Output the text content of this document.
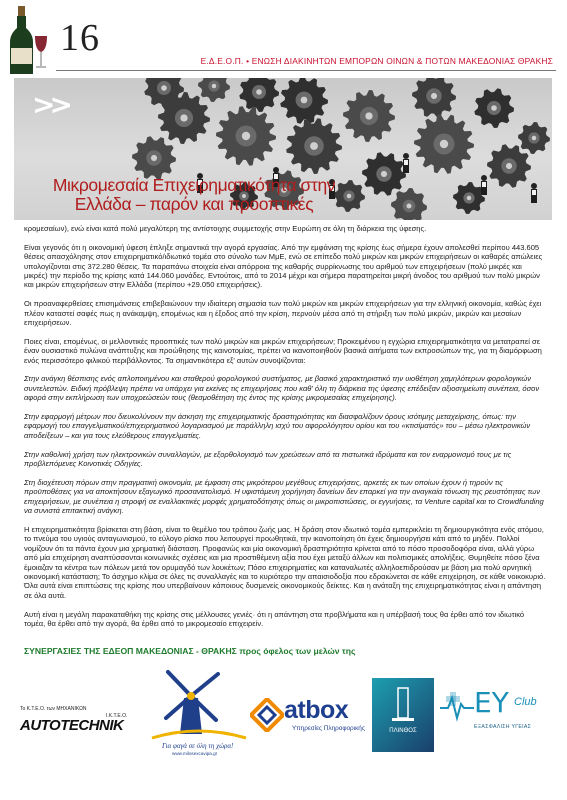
16
Ε.Δ.Ε.Ο.Π. • ΕΝΩΣΗ ΔΙΑΚΙΝΗΤΩΝ ΕΜΠΟΡΩΝ ΟΙΝΩΝ & ΠΟΤΩΝ ΜΑΚΕΔΟΝΙΑΣ ΘΡΑΚΗΣ
>>
Μικρομεσαία Επιχειρηματικότητα στην
Ελλάδα – παρόν και προοπτικές

κρομεσαίων), ενώ είναι κατά πολύ μεγαλύτερη της αντίστοιχης συμμετοχής στην Ευρώπη σε όλη τη διάρκεια της ύφεσης.

Είναι γεγονός ότι η οικονομική ύφεση έπληξε σημαντικά την αγορά εργασίας. Από την εμφάνιση της κρίσης έως σήμερα έχουν απολεσθεί περίπου 443.605 θέσεις απασχόλησης στον επιχειρηματικό/ιδιωτικό τομέα στο σύνολο των ΜμΕ, ενώ σε επίπεδο πολύ μικρών και μικρών επιχειρήσεων οι καθαρές απώλειες υπολογίζονται στις 372.280 θέσεις. Τα παραπάνω στοιχεία είναι απόρροια της καθαρής συρρίκνωσης του αριθμού των επιχειρήσεων (πολύ μικρές και μικρές) την περίοδο της κρίσης κατά 144.060 μονάδες. Εντούτοις, από το 2014 μέχρι και σήμερα παρατηρείται μικρή άνοδος του αριθμού των πολύ μικρών και μικρών επιχειρήσεων στην Ελλάδα (περίπου +29.050 επιχειρήσεις).

Οι προαναφερθείσες επισημάνσεις επιβεβαιώνουν την ιδιαίτερη σημασία των πολύ μικρών και μικρών επιχειρήσεων για την ελληνική οικονομία, καθώς έχει πλέον καταστεί σαφές πως η ανάκαμψη, επομένως και η έξοδος από την κρίση, περνούν μέσα από τη στήριξη των πολύ μικρών, μικρών και μεσαίων επιχειρήσεων.

Ποιες είναι, επομένως, οι μελλοντικές προοπτικές των πολύ μικρών και μικρών επιχειρήσεων; Προκειμένου η εγχώρια επιχειρηματικότητα να μετατραπεί σε έναν ουσιαστικό πυλώνα ανάπτυξης και προώθησης της καινοτομίας, πρέπει να ικανοποιηθούν βασικά αιτήματα των εκπροσώπων της, για τη διαμόρφωση ενός περισσότερο φιλικού περιβάλλοντος. Τα σημαντικότερα εξ' αυτών συνοψίζονται:

Στην ανάγκη θέσπισης ενός απλοποιημένου και σταθερού φορολογικού συστήματος, με βασικό χαρακτηριστικό την υιοθέτηση χαμηλότερων φορολογικών συντελεστών. Ειδική πρόβλεψη πρέπει να υπάρχει για εκείνες τις επιχειρήσεις που καθ' όλη τη διάρκεια της ύφεσης επέδειξαν αξιοσημείωτη συνέπεια, όσον αφορά στην εκπλήρωση των υποχρεώσεών τους (θεσμοθέτηση της έντος της κρίσης μικρομεσαίας επιχείρησης).

Στην εφαρμογή μέτρων που διευκολύνουν την άσκηση της επιχειρηματικής δραστηριότητας και διασφαλίζουν όρους ισότιμης μεταχείρισης, όπως: την εφαρμογή του επαγγελματικού/επιχειρηματικού λογαριασμού με παράλληλη ισχύ του αφορολόγητου ορίου και του «κτισίματός» του – μέσω ηλεκτρονικών αποδείξεων – και για τους ελεύθερους επαγγελματίες.

Στην καθολική χρήση των ηλεκτρονικών συναλλαγών, με εξορθολογισμό των χρεώσεων από τα πιστωτικά ιδρύματα και τον εναρμονισμό τους με τις προβλεπόμενες Κοινοτικές Οδηγίες.

Στη διοχέτευση πόρων στην πραγματική οικονομία, με έμφαση στις μικρότερου μεγέθους επιχειρήσεις, αρκετές εκ των οποίων έχουν ή τηρούν τις προϋποθέσεις για να αποκτήσουν εξαγωγικό προσανατολισμό. Η υφιστάμενη χορήγηση δανείων δεν επαρκεί για την αναγκαία τόνωση της ρευστότητας των επιχειρήσεων, με συνέπεια η στροφή σε εναλλακτικές μορφές χρηματοδότησης όπως οι μικροπιστώσεις, οι εγγυήσεις, τα Venture capital και το Crowdfunding να συνιστά επιτακτική ανάγκη.

Η επιχειρηματικότητα βρίσκεται στη βάση, είναι το θεμέλιο του τρόπου ζωής μας. Η δράση στον ιδιωτικό τομέα εμπερικλείει τη δημιουργικότητα ενός ατόμου, το πνεύμα του υγιούς ανταγωνισμού, το εύλογο ρίσκο που λειτουργεί προωθητικά, την ικανοποίηση ότι έχεις δημιουργήσει κάτι από το μηδέν. Πολλοί νομίζουν ότι τα πάντα έχουν μια χρηματική διάσταση. Προφανώς και μία οικονομική δραστηριότητα κρίνεται από το πόσο προσοδοφόρα είναι, αλλά γύρω από μία επιχείρηση αναπτύσσονται κοινωνικές σχέσεις και μια προστιθέμενη αξία που έχει μεταξύ άλλων και πολιτισμικές απολήξεις. Θυμηθείτε πόσο ξένα έμοιαζαν τα κέντρα των πόλεων μετά τον ορυμαγδό των λουκέτων; Πόσο επιχειρηματίες και καταναλωτές αλληλοεπιδρούσαν με βάση μια πολύ αρνητική οικονομική κατάσταση; Το άσχημο κλίμα σε όλες τις συναλλαγές και το κυριότερο την απαισιοδοξία που εδραιώνεται σε κάθε επιχείρηση, σε κάθε νοικοκυριό. Όλα αυτά είναι επιπτώσεις της κρίσης που υπερβαίνουν κάποιους δυσμενείς οικονομικούς δείκτες. Και η ανάταξη της επιχειρηματικότητας είναι η απάντηση σε όλα αυτά.

Αυτή είναι η μεγάλη παρακαταθήκη της κρίσης στις μέλλουσες γενιές· ότι η απάντηση στα προβλήματα και η υπέρβασή τους θα έρθει από τον ιδιωτικό τομέα, θα έρθει από την αγορά, θα έρθει από το μικρομεσαίο επιχειρείν.

ΣΥΝΕΡΓΑΣΙΕΣ ΤΗΣ ΕΔΕΟΠ ΜΑΚΕΔΟΝΙΑΣ - ΘΡΑΚΗΣ προς όφελος των μελών της
Το Κ.Τ.Ε.Ο. των ΜΗΧΑΝΙΚΩΝ
Ι.Κ.Τ.Ε.Ο.
AUTOTECHNIK
Για φαγά σε όλη τη χώρα!
www.milosexcavipa.gr
atbox
Υπηρεσίες Πληροφορικής	ΠΛΙΝΘΟΣ
EY Club
ΕΞΑΣΦΑΛΙΣΗ ΥΓΕΙΑΣ
